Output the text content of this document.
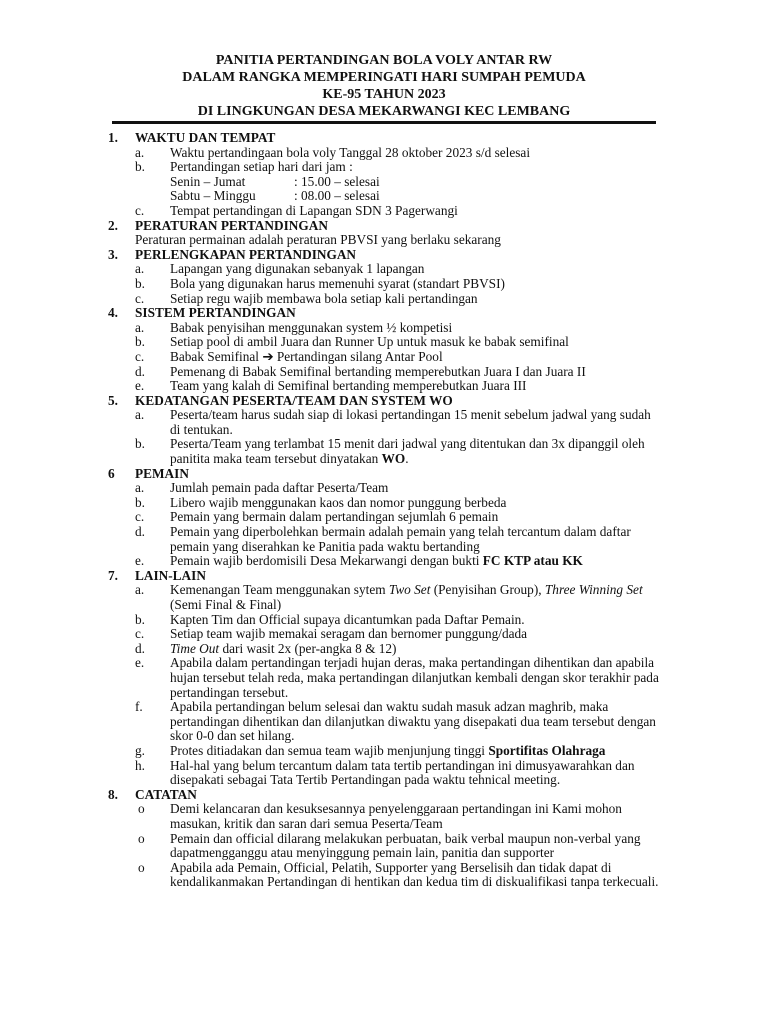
PANITIA PERTANDINGAN BOLA VOLY ANTAR RW
DALAM RANGKA MEMPERINGATI HARI SUMPAH PEMUDA
KE-95 TAHUN 2023
DI LINGKUNGAN DESA MEKARWANGI KEC LEMBANG
1.	WAKTU DAN TEMPAT
a.	Waktu pertandingaan bola voly Tanggal 28 oktober 2023 s/d selesai
b.	Pertandingan setiap hari dari jam :
Senin – Jumat	: 15.00 – selesai
Sabtu – Minggu	: 08.00 – selesai
c.	Tempat pertandingan di Lapangan SDN 3 Pagerwangi
2.	PERATURAN PERTANDINGAN
Peraturan permainan adalah peraturan PBVSI yang berlaku sekarang
3.	PERLENGKAPAN PERTANDINGAN
a.	Lapangan yang digunakan sebanyak 1 lapangan
b.	Bola yang digunakan harus memenuhi syarat (standart PBVSI)
c.	Setiap regu wajib membawa bola setiap kali pertandingan
4.	SISTEM PERTANDINGAN
a.	Babak penyisihan menggunakan system ½ kompetisi
b.	Setiap pool di ambil Juara dan Runner Up untuk masuk ke babak semifinal
c.	Babak Semifinal ➔ Pertandingan silang Antar Pool
d.	Pemenang di Babak Semifinal bertanding memperebutkan Juara I dan Juara II
e.	Team yang kalah di Semifinal bertanding memperebutkan Juara III
5.	KEDATANGAN PESERTA/TEAM DAN SYSTEM WO
a.	Peserta/team harus sudah siap di lokasi pertandingan 15 menit sebelum jadwal yang sudah di tentukan.
b.	Peserta/Team yang terlambat 15 menit dari jadwal yang ditentukan dan 3x dipanggil oleh panitita maka team tersebut dinyatakan WO.
6	PEMAIN
a.	Jumlah pemain pada daftar Peserta/Team
b.	Libero wajib menggunakan kaos dan nomor punggung berbeda
c.	Pemain yang bermain dalam pertandingan sejumlah 6 pemain
d.	Pemain yang diperbolehkan bermain adalah pemain yang telah tercantum dalam daftar pemain yang diserahkan ke Panitia pada waktu bertanding
e.	Pemain wajib berdomisili Desa Mekarwangi dengan bukti FC KTP atau KK
7.	LAIN-LAIN
a.	Kemenangan Team menggunakan sytem Two Set (Penyisihan Group), Three Winning Set (Semi Final & Final)
b.	Kapten Tim dan Official supaya dicantumkan pada Daftar Pemain.
c.	Setiap team wajib memakai seragam dan bernomer punggung/dada
d.	Time Out dari wasit 2x (per-angka 8 & 12)
e.	Apabila dalam pertandingan terjadi hujan deras, maka pertandingan dihentikan dan apabila hujan tersebut telah reda, maka pertandingan dilanjutkan kembali dengan skor terakhir pada pertandingan tersebut.
f.	Apabila pertandingan belum selesai dan waktu sudah masuk adzan maghrib, maka pertandingan dihentikan dan dilanjutkan diwaktu yang disepakati dua team tersebut dengan skor 0-0 dan set hilang.
g.	Protes ditiadakan dan semua team wajib menjunjung tinggi Sportifitas Olahraga
h.	Hal-hal yang belum tercantum dalam tata tertib pertandingan ini dimusyawarahkan dan disepakati sebagai Tata Tertib Pertandingan pada waktu tehnical meeting.
8.	CATATAN
o	Demi kelancaran dan kesuksesannya penyelenggaraan pertandingan ini Kami mohon masukan, kritik dan saran dari semua Peserta/Team
o	Pemain dan official dilarang melakukan perbuatan, baik verbal maupun non-verbal yang dapatmengganggu atau menyinggung pemain lain, panitia dan supporter
o	Apabila ada Pemain, Official, Pelatih, Supporter yang Berselisih dan tidak dapat di kendalikanmakan Pertandingan di hentikan dan kedua tim di diskualifikasi tanpa terkecuali.
